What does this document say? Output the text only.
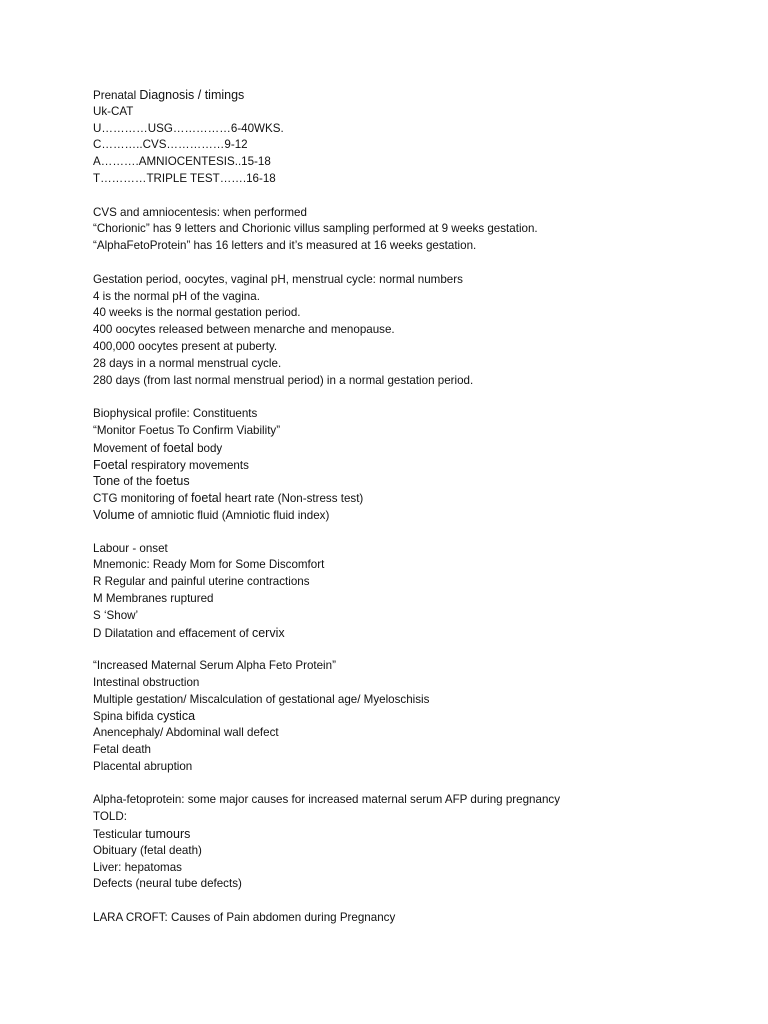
Prenatal Diagnosis / timings
Uk-CAT
U…………USG……………6-40WKS.
C………..CVS……………9-12
A……….AMNIOCENTESIS..15-18
T…………TRIPLE TEST…….16-18
CVS and amniocentesis: when performed
“Chorionic” has 9 letters and Chorionic villus sampling performed at 9 weeks gestation.
“AlphaFetoProtein” has 16 letters and it’s measured at 16 weeks gestation.
Gestation period, oocytes, vaginal pH, menstrual cycle: normal numbers
4 is the normal pH of the vagina.
40 weeks is the normal gestation period.
400 oocytes released between menarche and menopause.
400,000 oocytes present at puberty.
28 days in a normal menstrual cycle.
280 days (from last normal menstrual period) in a normal gestation period.
Biophysical profile: Constituents
“Monitor Foetus To Confirm Viability”
Movement of foetal body
Foetal respiratory movements
Tone of the foetus
CTG monitoring of foetal heart rate (Non-stress test)
Volume of amniotic fluid (Amniotic fluid index)
Labour - onset
Mnemonic: Ready Mom for Some Discomfort
R Regular and painful uterine contractions
M Membranes ruptured
S ‘Show’
D Dilatation and effacement of cervix
“Increased Maternal Serum Alpha Feto Protein”
Intestinal obstruction
Multiple gestation/ Miscalculation of gestational age/ Myeloschisis
Spina bifida cystica
Anencephaly/ Abdominal wall defect
Fetal death
Placental abruption
Alpha-fetoprotein: some major causes for increased maternal serum AFP during pregnancy
TOLD:
Testicular tumours
Obituary (fetal death)
Liver: hepatomas
Defects (neural tube defects)
LARA CROFT: Causes of Pain abdomen during Pregnancy
